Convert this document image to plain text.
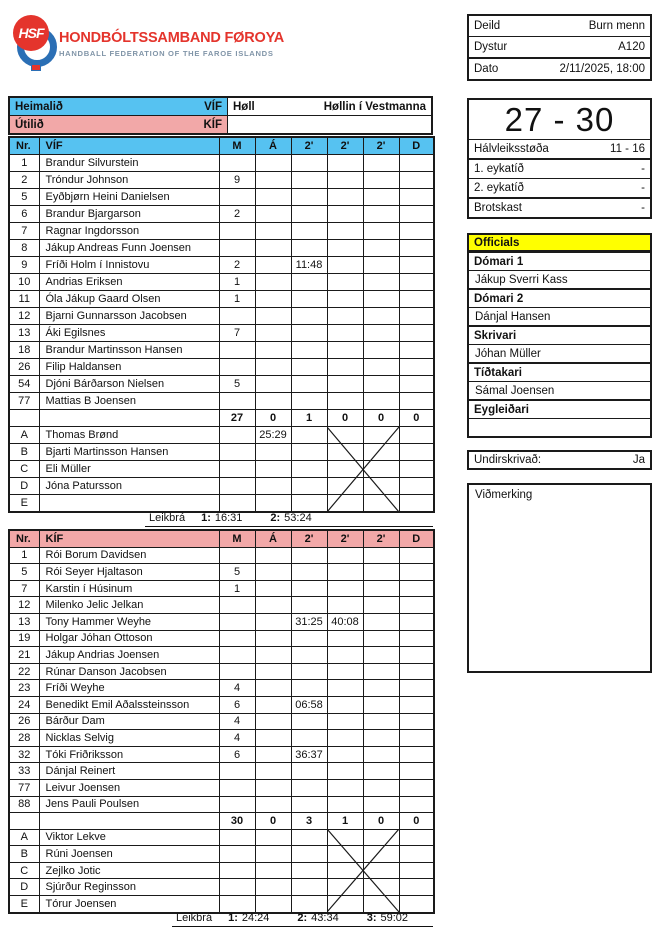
HSF	HONDBÓLTSSAMBAND FØROYA
HANDBALL FEDERATION OF THE FAROE ISLANDS
Deild	Burn menn
Dystur	A120
Dato	2/11/2025, 18:00
Heimalið	VÍF Høll	Høllin í Vestmanna
Útilið	KÍF
Nr.	VÍF	M	Á	2'	2'	2'	D
1	Brandur Silvurstein						
2	Tróndur Johnson	9					
5	Eyðbjørn Heini Danielsen						
6	Brandur Bjargarson	2					
7	Ragnar Ingdorsson						
8	Jákup Andreas Funn Joensen						
9	Fríði Holm í Innistovu	2		11:48			
10	Andrias Eriksen	1					
11	Óla Jákup Gaard Olsen	1					
12	Bjarni Gunnarsson Jacobsen						
13	Áki Egilsnes	7					
18	Brandur Martinsson Hansen						
26	Filip Haldansen						
54	Djóni Bárðarson Nielsen	5					
77	Mattias B Joensen						
		27	0	1	0	0	0
A	Thomas Brønd		25:29				
B	Bjarti Martinsson Hansen						
C	Eli Müller						
D	Jóna Patursson						
E							
Leikbrá 1: 16:31	2: 53:24
Nr.	KÍF	M	Á	2'	2'	2'	D
1	Rói Borum Davidsen						
5	Rói Seyer Hjaltason	5					
7	Karstin í Húsinum	1					
12	Milenko Jelic Jelkan						
13	Tony Hammer Weyhe			31:25	40:08		
19	Holgar Jóhan Ottoson						
21	Jákup Andrias Joensen						
22	Rúnar Danson Jacobsen						
23	Fríði Weyhe	4					
24	Benedikt Emil Aðalssteinsson	6		06:58			
26	Bárður Dam	4					
28	Nicklas Selvig	4					
32	Tóki Friðriksson	6		36:37			
33	Dánjal Reinert						
77	Leivur Joensen						
88	Jens Pauli Poulsen						
		30	0	3	1	0	0
A	Viktor Lekve						
B	Rúni Joensen						
C	Zejlko Jotic						
D	Sjúrður Reginsson						
E	Tórur Joensen						
Leikbrá 1: 24:24	2: 43:34	3: 59:02
27 - 30
Hálvleiksstøða	11 - 16
1. eykatíð	-
2. eykatíð	-
Brotskast	-
Officials
Dómari 1
Jákup Sverri Kass
Dómari 2
Dánjal Hansen
Skrivari
Jóhan Müller
Tíðtakari
Sámal Joensen
Eygleiðari
Undirskrivað:	Ja
Viðmerking
